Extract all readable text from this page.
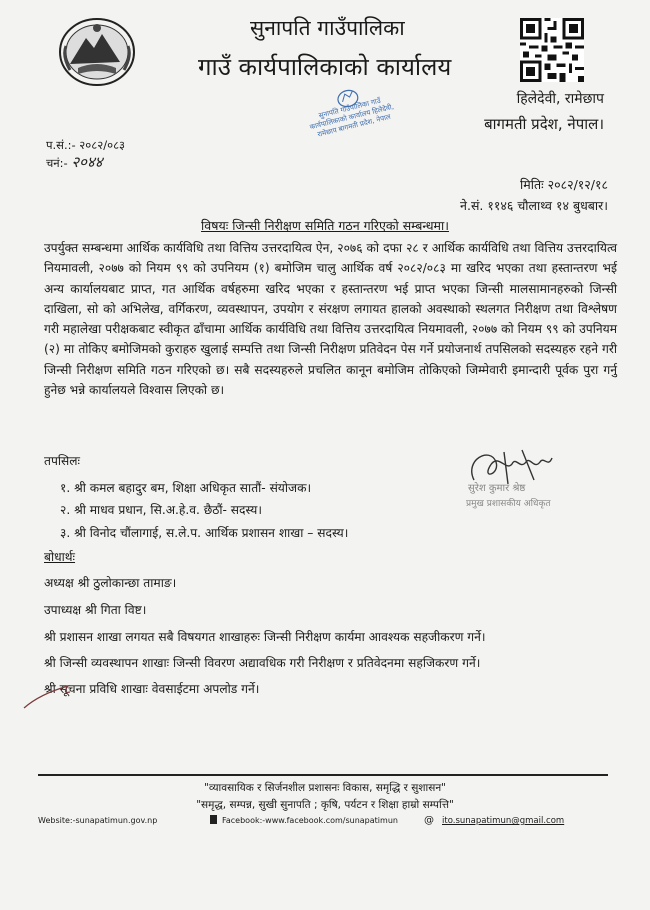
सुनापति गाउँपालिका
गाउँ कार्यपालिकाको कार्यालय
हिलेदेवी, रामेछाप
बागमती प्रदेश, नेपाल।
सुनापति गाउँपालिका गाउँ कार्यपालिकाको कार्यालय हिलेदेवी, रामेछाप बागमती प्रदेश, नेपाल
प.सं.:- २०८२/०८३
चनं:- २०४४
मितिः २०८२/१२/१८
ने.सं. ११४६ चौलाथ्व १४ बुधबार।
विषयः जिन्सी निरीक्षण समिति गठन गरिएको सम्बन्धमा।
उपर्युक्त सम्बन्धमा आर्थिक कार्यविधि तथा वित्तिय उत्तरदायित्व ऐन, २०७६ को दफा २८ र आर्थिक कार्यविधि तथा वित्तिय उत्तरदायित्व नियमावली, २०७७ को नियम ९९ को उपनियम (१) बमोजिम चालु आर्थिक वर्ष २०८२/०८३ मा खरिद भएका तथा हस्तान्तरण भई अन्य कार्यालयबाट प्राप्त, गत आर्थिक वर्षहरुमा खरिद भएका र हस्तान्तरण भई प्राप्त भएका जिन्सी मालसामानहरुको जिन्सी दाखिला, सो को अभिलेख, वर्गिकरण, व्यवस्थापन, उपयोग र संरक्षण लगायत हालको अवस्थाको स्थलगत निरीक्षण तथा विश्लेषण गरी महालेखा परीक्षकबाट स्वीकृत ढाँचामा आर्थिक कार्यविधि तथा वित्तिय उत्तरदायित्व नियमावली, २०७७ को नियम ९९ को उपनियम (२) मा तोकिए बमोजिमको कुराहरु खुलाई सम्पत्ति तथा जिन्सी निरीक्षण प्रतिवेदन पेस गर्ने प्रयोजनार्थ तपसिलको सदस्यहरु रहने गरी जिन्सी निरीक्षण समिति गठन गरिएको छ। सबै सदस्यहरुले प्रचलित कानून बमोजिम तोकिएको जिम्मेवारी इमान्दारी पूर्वक पुरा गर्नु हुनेछ भन्ने कार्यालयले विश्वास लिएको छ।
तपसिलः
१. श्री कमल बहादुर बम, शिक्षा अधिकृत सातौं- संयोजक।
२. श्री माधव प्रधान, सि.अ.हे.व. छैठौं- सदस्य।
३. श्री विनोद चौंलागाई, स.ले.प. आर्थिक प्रशासन शाखा – सदस्य।
सुरेश कुमार श्रेष्ठ
प्रमुख प्रशासकीय अधिकृत
बोधार्थः
अध्यक्ष श्री ठुलोकान्छा तामाङ।
उपाध्यक्ष श्री गिता विष्ट।
श्री प्रशासन शाखा लगयत सबै विषयगत शाखाहरुः जिन्सी निरीक्षण कार्यमा आवश्यक सहजीकरण गर्ने।
श्री जिन्सी व्यवस्थापन शाखाः जिन्सी विवरण अद्यावधिक गरी निरीक्षण र प्रतिवेदनमा सहजिकरण गर्ने।
श्री सूचना प्रविधि शाखाः वेवसाईटमा अपलोड गर्ने।
"व्यावसायिक र सिर्जनशील प्रशासनः विकास, समृद्धि र सुशासन"
"समृद्ध, सम्पन्न, सुखी सुनापति ; कृषि, पर्यटन र शिक्षा हाम्रो सम्पत्ति"
Website:-sunapatimun.gov.np	Facebook:-www.facebook.com/sunapatimun	@ ito.sunapatimun@gmail.com
